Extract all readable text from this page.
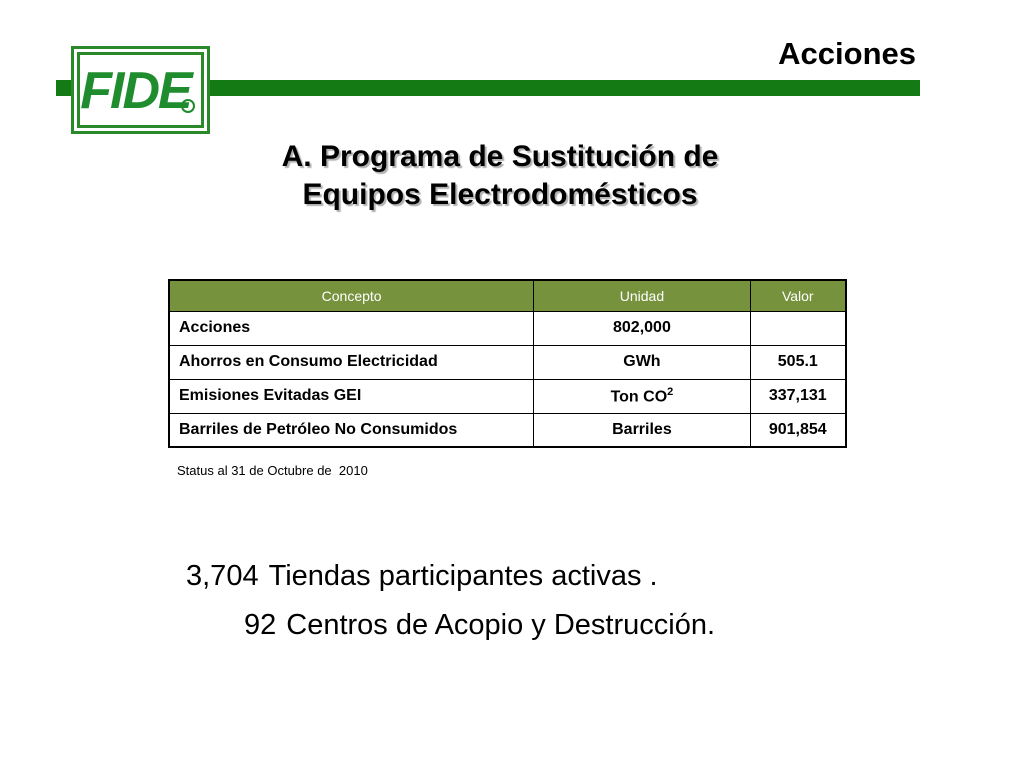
Acciones
FIDE
A. Programa de Sustitución de
Equipos Electrodomésticos
Concepto	Unidad	Valor
Acciones	802,000	
Ahorros en Consumo Electricidad	GWh	505.1
Emisiones Evitadas GEI	Ton $CO^2$	337,131
Barriles de Petróleo No Consumidos	Barriles	901,854
Status al 31 de Octubre de  2010
3,704 Tiendas participantes activas .
92 Centros de Acopio y Destrucción.
